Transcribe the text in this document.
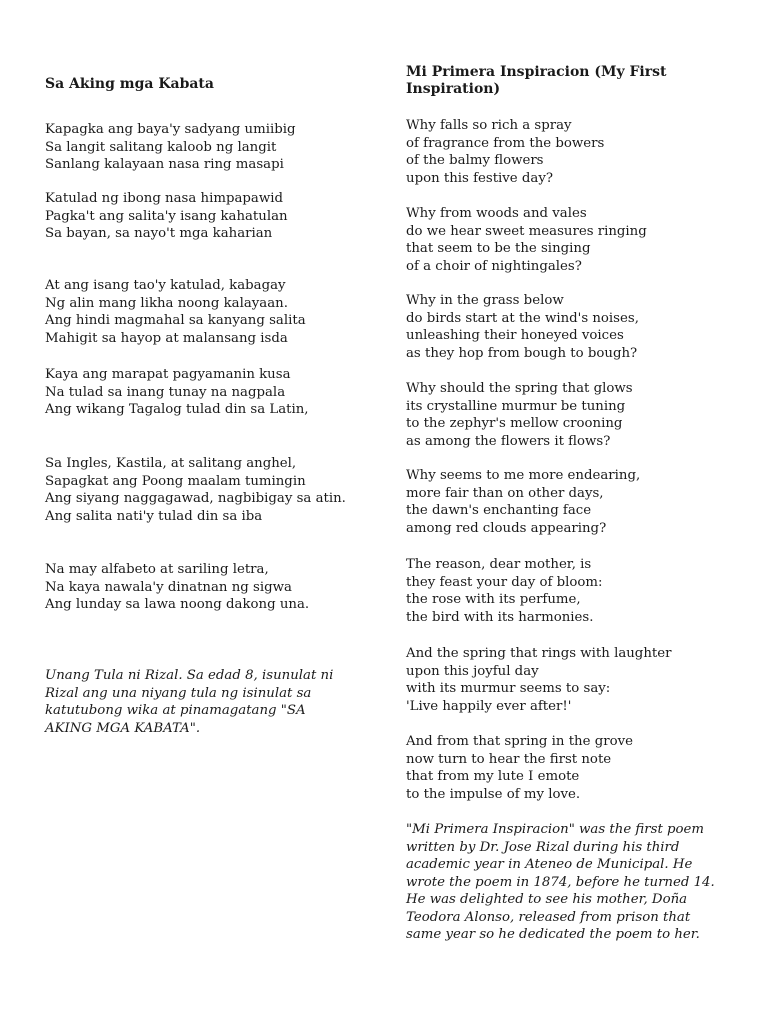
Sa Aking mga Kabata
Kapagka ang baya'y sadyang umiibig
Sa langit salitang kaloob ng langit
Sanlang kalayaan nasa ring masapi
Katulad ng ibong nasa himpapawid
Pagka't ang salita'y isang kahatulan
Sa bayan, sa nayo't mga kaharian
At ang isang tao'y katulad, kabagay
Ng alin mang likha noong kalayaan.
Ang hindi magmahal sa kanyang salita
Mahigit sa hayop at malansang isda
Kaya ang marapat pagyamanin kusa
Na tulad sa inang tunay na nagpala
Ang wikang Tagalog tulad din sa Latin,
Sa Ingles, Kastila, at salitang anghel,
Sapagkat ang Poong maalam tumingin
Ang siyang naggagawad, nagbibigay sa atin.
Ang salita nati'y tulad din sa iba
Na may alfabeto at sariling letra,
Na kaya nawala'y dinatnan ng sigwa
Ang lunday sa lawa noong dakong una.
Unang Tula ni Rizal. Sa edad 8, isunulat ni
Rizal ang una niyang tula ng isinulat sa
katutubong wika at pinamagatang "SA
AKING MGA KABATA".
Mi Primera Inspiracion (My First
Inspiration)
Why falls so rich a spray
of fragrance from the bowers
of the balmy flowers
upon this festive day?
Why from woods and vales
do we hear sweet measures ringing
that seem to be the singing
of a choir of nightingales?
Why in the grass below
do birds start at the wind's noises,
unleashing their honeyed voices
as they hop from bough to bough?
Why should the spring that glows
its crystalline murmur be tuning
to the zephyr's mellow crooning
as among the flowers it flows?
Why seems to me more endearing,
more fair than on other days,
the dawn's enchanting face
among red clouds appearing?
The reason, dear mother, is
they feast your day of bloom:
the rose with its perfume,
the bird with its harmonies.
And the spring that rings with laughter
upon this joyful day
with its murmur seems to say:
'Live happily ever after!'
And from that spring in the grove
now turn to hear the first note
that from my lute I emote
to the impulse of my love.
"Mi Primera Inspiracion" was the first poem
written by Dr. Jose Rizal during his third
academic year in Ateneo de Municipal. He
wrote the poem in 1874, before he turned 14.
He was delighted to see his mother, Doña
Teodora Alonso, released from prison that
same year so he dedicated the poem to her.
